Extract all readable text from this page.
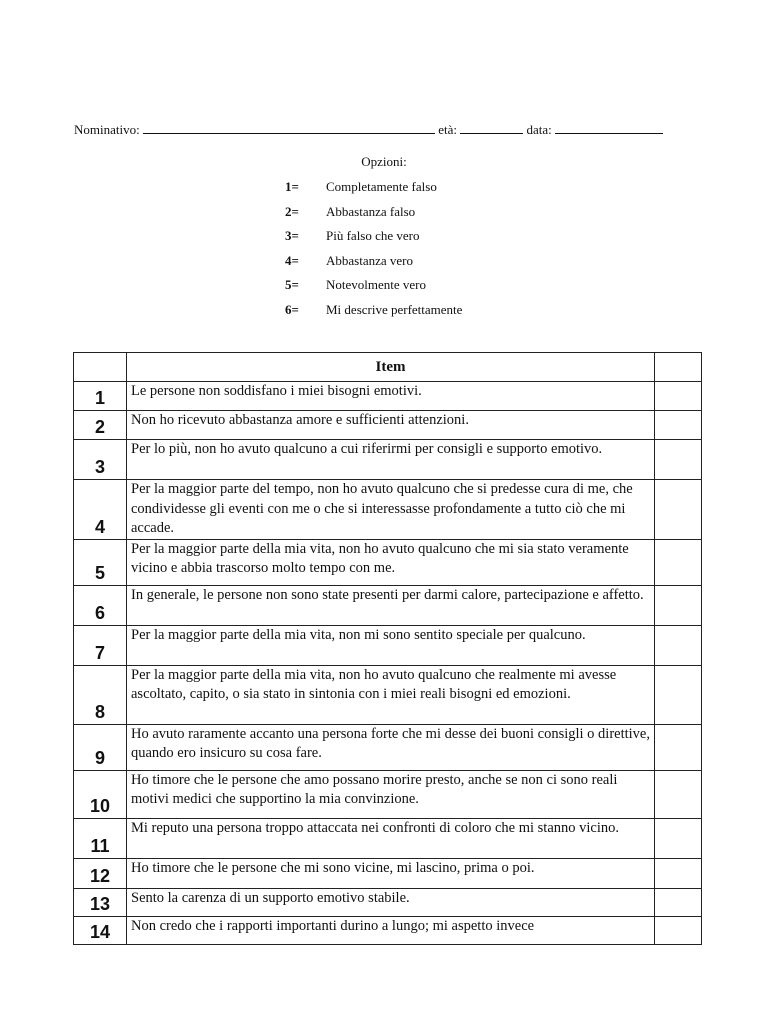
Nominativo:	età:	data:
Opzioni:
1= Completamente falso
2= Abbastanza falso
3= Più falso che vero
4= Abbastanza vero
5= Notevolmente vero
6= Mi descrive perfettamente
	Item	
1	Le persone non soddisfano i miei bisogni emotivi.	
2	Non ho ricevuto abbastanza amore e sufficienti attenzioni.	
3	Per lo più, non ho avuto qualcuno a cui riferirmi per consigli e supporto emotivo.	
4	Per la maggior parte del tempo, non ho avuto qualcuno che si predesse cura di me, che condividesse gli eventi con me o che si interessasse profondamente a tutto ciò che mi accade.	
5	Per la maggior parte della mia vita, non ho avuto qualcuno che mi sia stato veramente vicino e abbia trascorso molto tempo con me.	
6	In generale, le persone non sono state presenti per darmi calore, partecipazione e affetto.	
7	Per la maggior parte della mia vita, non mi sono sentito speciale per qualcuno.	
8	Per la maggior parte della mia vita, non ho avuto qualcuno che realmente mi avesse ascoltato, capito, o sia stato in sintonia con i miei reali bisogni ed emozioni.	
9	Ho avuto raramente accanto una persona forte che mi desse dei buoni consigli o direttive, quando ero insicuro su cosa fare.	
10	Ho timore che le persone che amo possano morire presto, anche se non ci sono reali motivi medici che supportino la mia convinzione.	
11	Mi reputo una persona troppo attaccata nei confronti di coloro che mi stanno vicino.	
12	Ho timore che le persone che mi sono vicine, mi lascino, prima o poi.	
13	Sento la carenza di un supporto emotivo stabile.	
14	Non credo che i rapporti importanti durino a lungo; mi aspetto invece	
